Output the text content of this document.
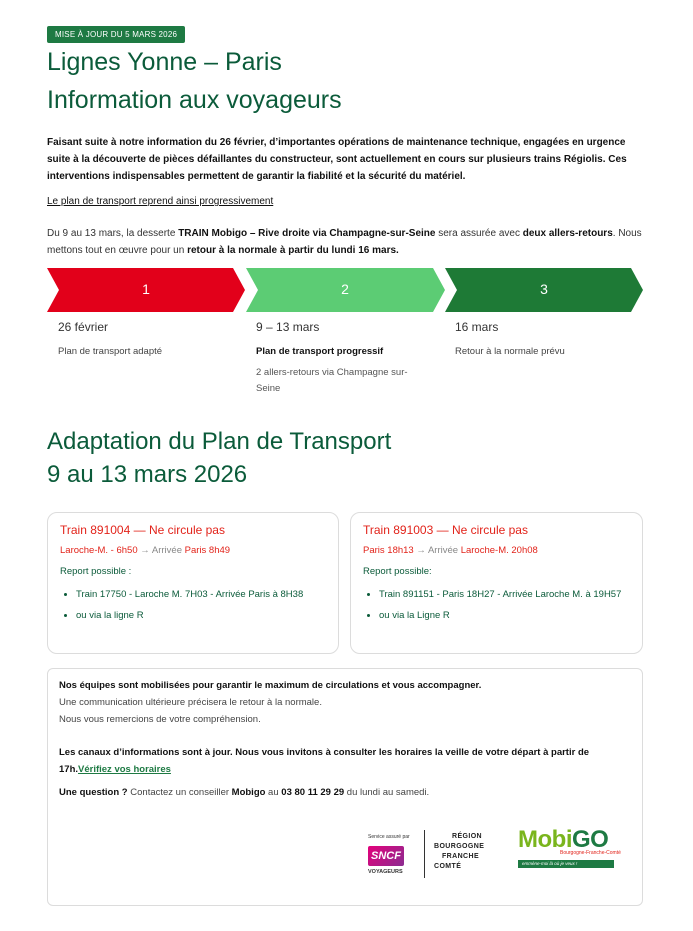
MISE À JOUR DU 5 MARS 2026
Lignes Yonne – Paris
Information aux voyageurs
Faisant suite à notre information du 26 février, d’importantes opérations de maintenance technique, engagées en urgence suite à la découverte de pièces défaillantes du constructeur, sont actuellement en cours sur plusieurs trains Régiolis. Ces interventions indispensables permettent de garantir la fiabilité et la sécurité du matériel.
Le plan de transport reprend ainsi progressivement
Du 9 au 13 mars, la desserte TRAIN Mobigo – Rive droite via Champagne-sur-Seine sera assurée avec deux allers-retours. Nous mettons tout en œuvre pour un retour à la normale à partir du lundi 16 mars.
1	2	3
26 février
Plan de transport adapté
9 – 13 mars
Plan de transport progressif
2 allers-retours via Champagne sur-Seine
16 mars
Retour à la normale prévu
Adaptation du Plan de Transport
9 au 13 mars 2026
Train 891004 — Ne circule pas
Laroche-M. - 6h50 → Arrivée Paris 8h49
Report possible :
• Train 17750 - Laroche M. 7H03 - Arrivée Paris à 8H38
• ou via la ligne R
Train 891003 — Ne circule pas
Paris 18h13 → Arrivée Laroche-M. 20h08
Report possible:
• Train 891151 - Paris 18H27 - Arrivée Laroche M. à 19H57
• ou via la Ligne R
Nos équipes sont mobilisées pour garantir le maximum de circulations et vous accompagner.
Une communication ultérieure précisera le retour à la normale.
Nous vous remercions de votre compréhension.
Les canaux d’informations sont à jour. Nous vous invitons à consulter les horaires la veille de votre départ à partir de 17h.Vérifiez vos horaires
Une question ? Contactez un conseiller Mobigo au 03 80 11 29 29 du lundi au samedi.
Service assuré par
SNCF
VOYAGEURS
RÉGION
BOURGOGNE
FRANCHE
COMTÉ
MobiGO
Bourgogne-Franche-Comté
emmène-moi là où je veux !
